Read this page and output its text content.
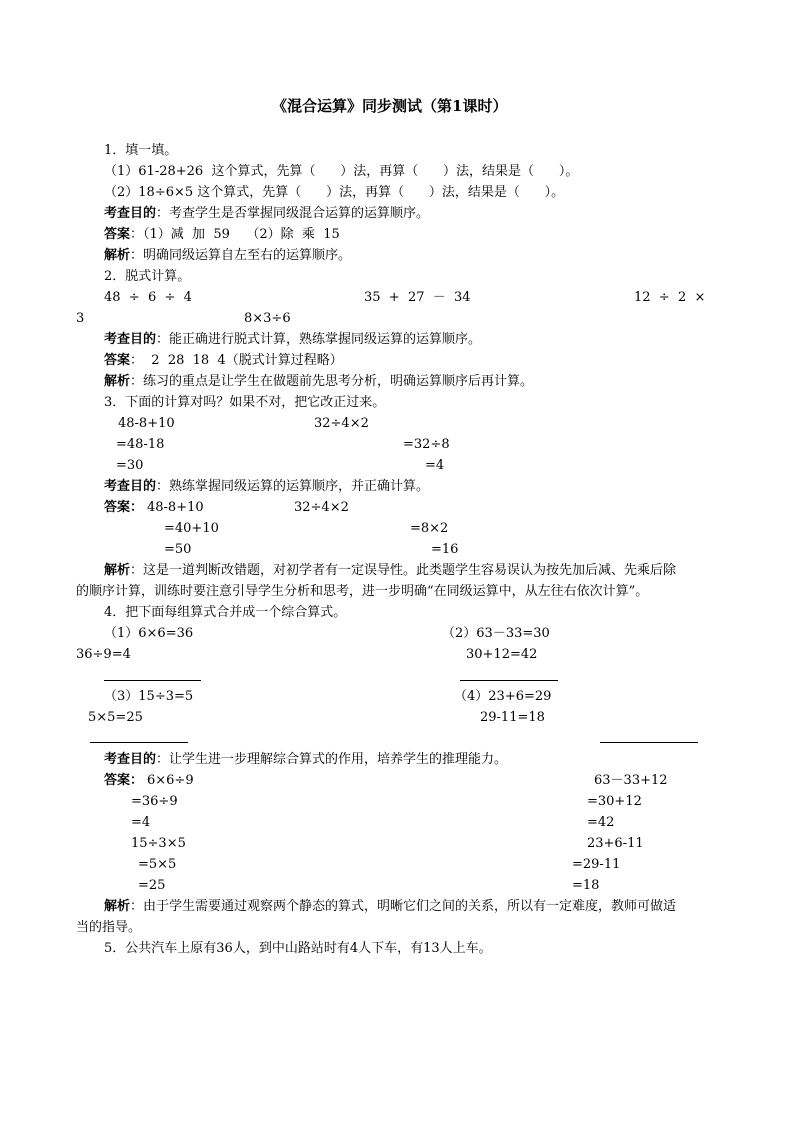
《混合运算》同步测试（第1课时）
1．填一填。
（1）61-28+26  这个算式，先算（      ）法，再算（      ）法，结果是（      ）。
（2）18÷6×5 这个算式，先算（      ）法，再算（      ）法，结果是（      ）。
考查目的：考查学生是否掌握同级混合运算的运算顺序。
答案：（1）减  加  59    （2）除  乘  15
解析：明确同级运算自左至右的运算顺序。
2．脱式计算。
48  ÷  6  ÷  4	35  +  27  －  34	12  ÷  2  ×
3	8×3÷6
考查目的：能正确进行脱式计算，熟练掌握同级运算的运算顺序。
答案：  2  28  18  4（脱式计算过程略）
解析：练习的重点是让学生在做题前先思考分析，明确运算顺序后再计算。
3．下面的计算对吗？如果不对，把它改正过来。
48-8+10
=48-18
=30
32÷4×2
=32÷8
=4
考查目的：熟练掌握同级运算的运算顺序，并正确计算。
答案： 48-8+10
=40+10
=50
32÷4×2
=8×2
=16
解析：这是一道判断改错题，对初学者有一定误导性。此类题学生容易误认为按先加后减、先乘后除
的顺序计算，训练时要注意引导学生分析和思考，进一步明确“在同级运算中，从左往右依次计算”。
4．把下面每组算式合并成一个综合算式。
（1）6×6=36
36÷9=4
（2）63－33=30
30+12=42
（3）15÷3=5
5×5=25
（4）23+6=29
29-11=18
考查目的：让学生进一步理解综合算式的作用，培养学生的推理能力。
答案： 6×6÷9
=36÷9
=4
15÷3×5
=5×5
=25
63－33+12
=30+12
=42
23+6-11
=29-11
=18
解析：由于学生需要通过观察两个静态的算式，明晰它们之间的关系，所以有一定难度，教师可做适
当的指导。
5．公共汽车上原有36人，到中山路站时有4人下车，有13人上车。
